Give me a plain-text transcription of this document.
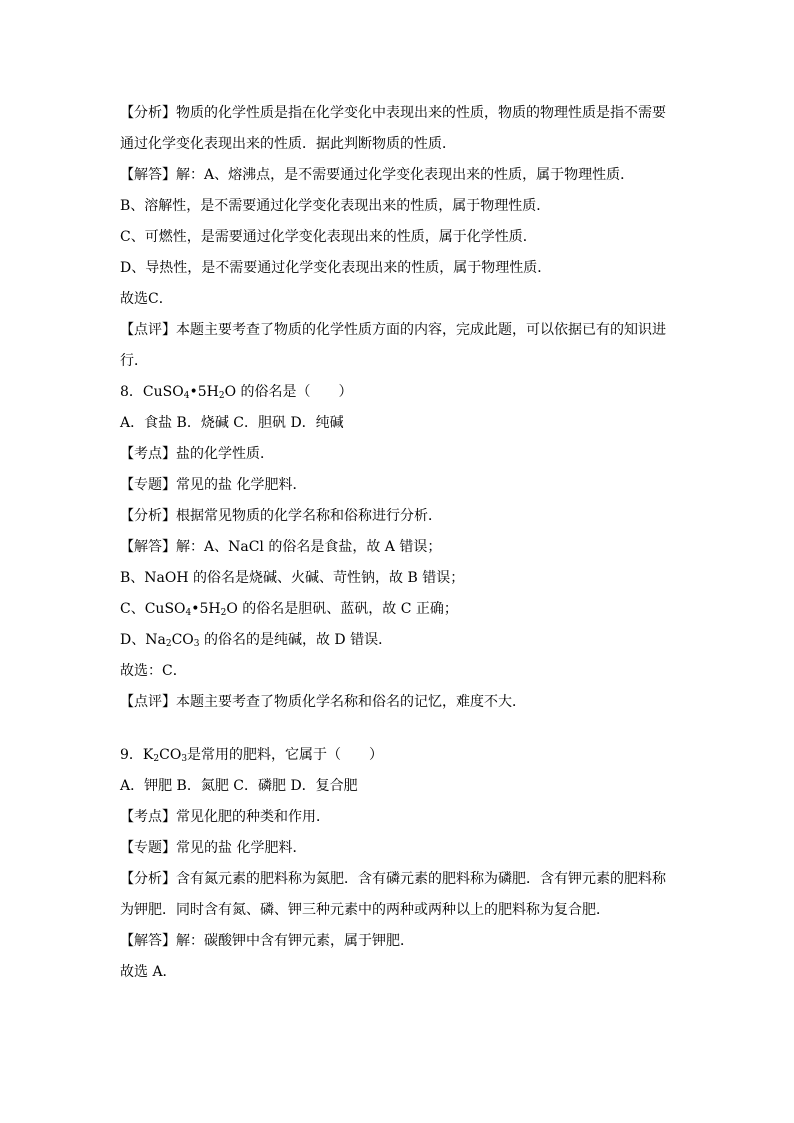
【分析】物质的化学性质是指在化学变化中表现出来的性质，物质的物理性质是指不需要
通过化学变化表现出来的性质．据此判断物质的性质．
【解答】解：A、熔沸点，是不需要通过化学变化表现出来的性质，属于物理性质．
B、溶解性，是不需要通过化学变化表现出来的性质，属于物理性质．
C、可燃性，是需要通过化学变化表现出来的性质，属于化学性质．
D、导热性，是不需要通过化学变化表现出来的性质，属于物理性质．
故选C．
【点评】本题主要考查了物质的化学性质方面的内容，完成此题，可以依据已有的知识进
行．
8．$CuSO_4•5H_2O$ 的俗名是（　　）
A．食盐 B．烧碱 C．胆矾 D．纯碱
【考点】盐的化学性质．
【专题】常见的盐 化学肥料．
【分析】根据常见物质的化学名称和俗称进行分析．
【解答】解：A、NaCl 的俗名是食盐，故 A 错误；
B、NaOH 的俗名是烧碱、火碱、苛性钠，故 B 错误；
C、$CuSO_4•5H_2O$ 的俗名是胆矾、蓝矾，故 C 正确；
D、$Na_2CO_3$ 的俗名的是纯碱，故 D 错误．
故选：C．
【点评】本题主要考查了物质化学名称和俗名的记忆，难度不大．
9．$K_2CO_3$是常用的肥料，它属于（　　）
A．钾肥 B．氮肥 C．磷肥 D．复合肥
【考点】常见化肥的种类和作用．
【专题】常见的盐 化学肥料．
【分析】含有氮元素的肥料称为氮肥．含有磷元素的肥料称为磷肥．含有钾元素的肥料称
为钾肥．同时含有氮、磷、钾三种元素中的两种或两种以上的肥料称为复合肥．
【解答】解：碳酸钾中含有钾元素，属于钾肥．
故选 A．
